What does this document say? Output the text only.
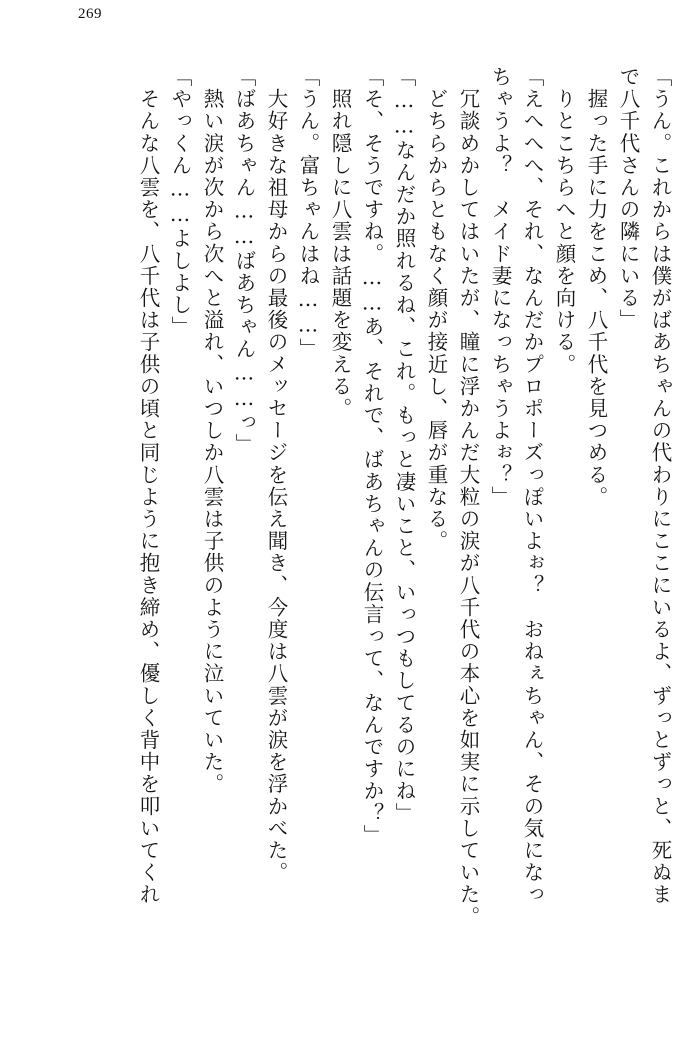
269
「うん。これからは僕がばあちゃんの代わりにここにいるよ、ずっとずっと、死ぬま
で八千代さんの隣にいる」
　握った手に力をこめ、八千代を見つめる。
　りとこちらへと顔を向ける。
「えへへへ、それ、なんだかプロポーズっぽいよぉ？　おねぇちゃん、その気になっ
ちゃうよ？　メイド妻になっちゃうよぉ？」
　冗談めかしてはいたが、瞳に浮かんだ大粒の涙が八千代の本心を如実に示していた。
　どちらからともなく顔が接近し、唇が重なる。
「……なんだか照れるね、これ。もっと凄いこと、いっつもしてるのにね」
「そ、そうですね。……あ、それで、ばあちゃんの伝言って、なんですか？」
　照れ隠しに八雲は話題を変える。
「うん。富ちゃんはね……」
　大好きな祖母からの最後のメッセージを伝え聞き、今度は八雲が涙を浮かべた。
「ばあちゃん……ばあちゃん……っ」
　熱い涙が次から次へと溢れ、いつしか八雲は子供のように泣いていた。
「やっくん……よしよし」
　そんな八雲を、八千代は子供の頃と同じように抱き締め、優しく背中を叩いてくれ
